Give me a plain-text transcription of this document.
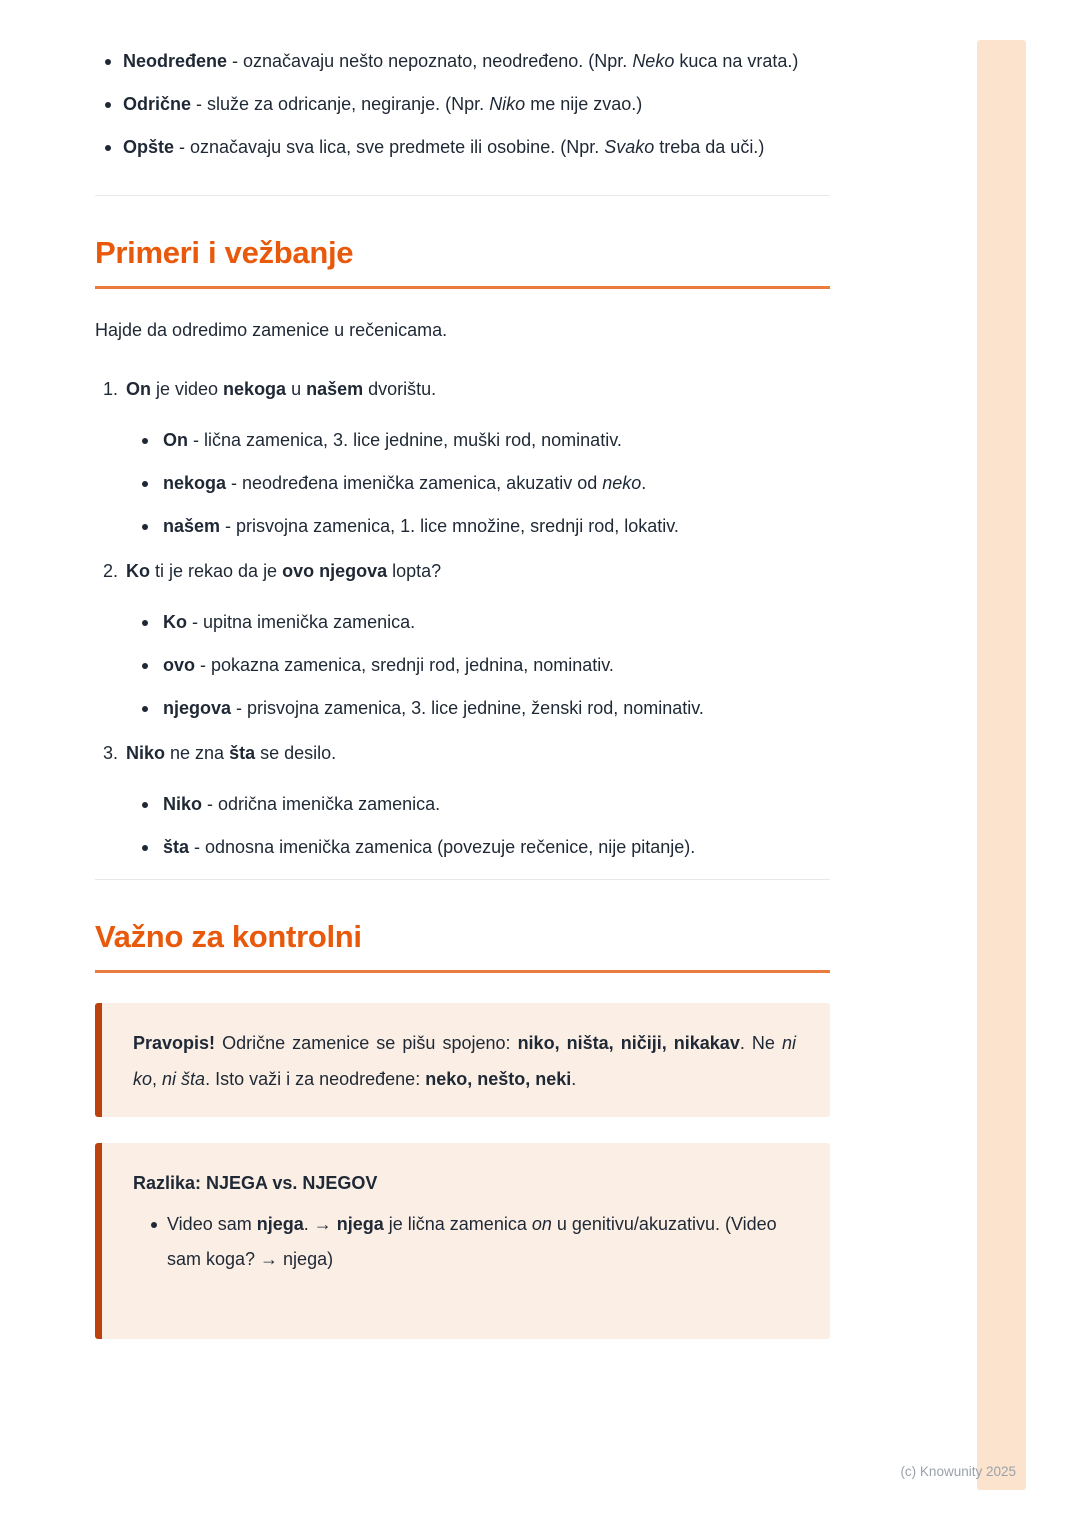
Neodređene - označavaju nešto nepoznato, neodređeno. (Npr. Neko kuca na vrata.)

Odrične - služe za odricanje, negiranje. (Npr. Niko me nije zvao.)

Opšte - označavaju sva lica, sve predmete ili osobine. (Npr. Svako treba da uči.)

Primeri i vežbanje

Hajde da odredimo zamenice u rečenicama.

1. On je video nekoga u našem dvorištu.

On - lična zamenica, 3. lice jednine, muški rod, nominativ.

nekoga - neodređena imenička zamenica, akuzativ od neko.

našem - prisvojna zamenica, 1. lice množine, srednji rod, lokativ.

2. Ko ti je rekao da je ovo njegova lopta?

Ko - upitna imenička zamenica.

ovo - pokazna zamenica, srednji rod, jednina, nominativ.

njegova - prisvojna zamenica, 3. lice jednine, ženski rod, nominativ.

3. Niko ne zna šta se desilo.

Niko - odrična imenička zamenica.

šta - odnosna imenička zamenica (povezuje rečenice, nije pitanje).

Važno za kontrolni

Pravopis! Odrične zamenice se pišu spojeno: niko, ništa, ničiji, nikakav. Ne ni ko, ni šta. Isto važi i za neodređene: neko, nešto, neki.

Razlika: NJEGA vs. NJEGOV

Video sam njega. → njega je lična zamenica on u genitivu/akuzativu. (Video sam koga? → njega)

(c) Knowunity 2025
